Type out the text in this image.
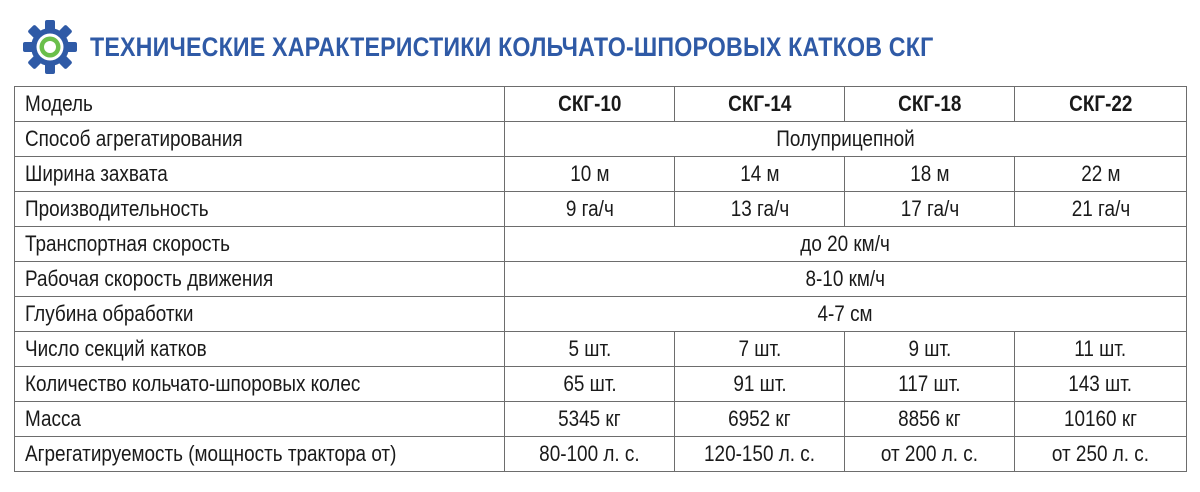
ТЕХНИЧЕСКИЕ ХАРАКТЕРИСТИКИ КОЛЬЧАТО-ШПОРОВЫХ КАТКОВ СКГ
Модель	СКГ-10	СКГ-14	СКГ-18	СКГ-22
Способ агрегатирования	Полуприцепной			
Ширина захвата	10 м	14 м	18 м	22 м
Производительность	9 га/ч	13 га/ч	17 га/ч	21 га/ч
Транспортная скорость	до 20 км/ч			
Рабочая скорость движения	8-10 км/ч			
Глубина обработки	4-7 см			
Число секций катков	5 шт.	7 шт.	9 шт.	11 шт.
Количество кольчато-шпоровых колес	65 шт.	91 шт.	117 шт.	143 шт.
Масса	5345 кг	6952 кг	8856 кг	10160 кг
Агрегатируемость (мощность трактора от)	80-100 л. с.	120-150 л. с.	от 200 л. с.	от 250 л. с.
